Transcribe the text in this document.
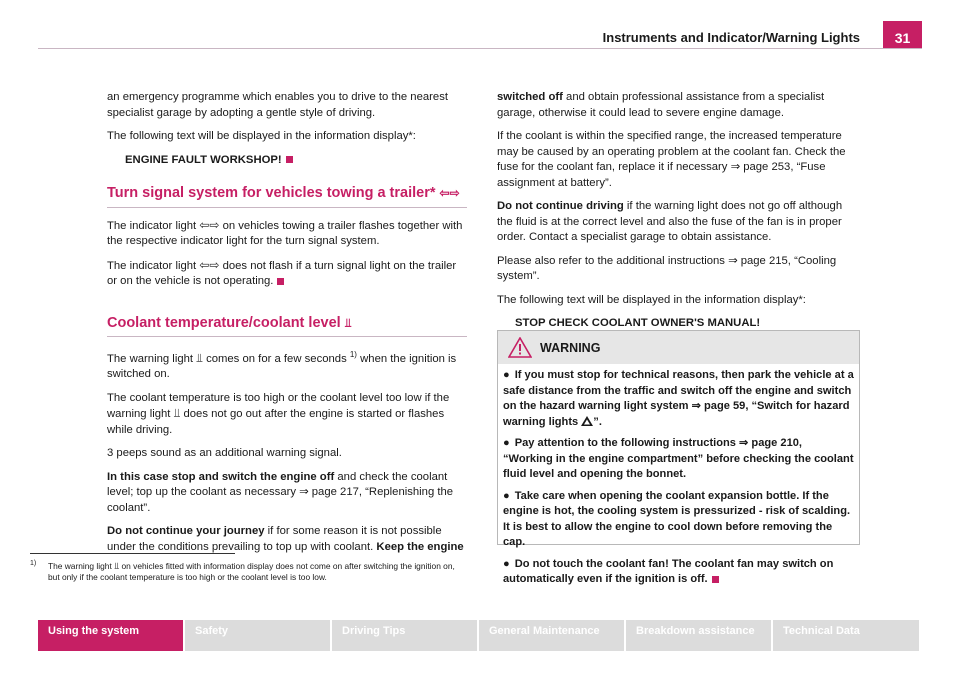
Instruments and Indicator/Warning Lights	31

an emergency programme which enables you to drive to the nearest specialist garage by adopting a gentle style of driving.

The following text will be displayed in the information display*:

ENGINE FAULT WORKSHOP!

Turn signal system for vehicles towing a trailer* ⇦⇨

The indicator light ⇦⇨ on vehicles towing a trailer flashes together with the respective indicator light for the turn signal system.

The indicator light ⇦⇨ does not flash if a turn signal light on the trailer or on the vehicle is not operating.

Coolant temperature/coolant level ⫫

The warning light ⫫ comes on for a few seconds $^{1)}$ when the ignition is switched on.

The coolant temperature is too high or the coolant level too low if the warning light ⫫ does not go out after the engine is started or flashes while driving.

3 peeps sound as an additional warning signal.

In this case stop and switch the engine off and check the coolant level; top up the coolant as necessary ⇒ page 217, “Replenishing the coolant”.

Do not continue your journey if for some reason it is not possible under the conditions prevailing to top up with coolant. Keep the engine

1)	The warning light ⫫ on vehicles fitted with information display does not come on after switching the ignition on, but only if the coolant temperature is too high or the coolant level is too low.

switched off and obtain professional assistance from a specialist garage, otherwise it could lead to severe engine damage.

If the coolant is within the specified range, the increased temperature may be caused by an operating problem at the coolant fan. Check the fuse for the coolant fan, replace it if necessary ⇒ page 253, “Fuse assignment at battery”.

Do not continue driving if the warning light does not go off although the fluid is at the correct level and also the fuse of the fan is in proper order. Contact a specialist garage to obtain assistance.

Please also refer to the additional instructions ⇒ page 215, “Cooling system”.

The following text will be displayed in the information display*:

STOP CHECK COOLANT OWNER'S MANUAL!

WARNING

● If you must stop for technical reasons, then park the vehicle at a safe distance from the traffic and switch off the engine and switch on the hazard warning light system ⇒ page 59, “Switch for hazard warning lights ”.

● Pay attention to the following instructions ⇒ page 210, “Working in the engine compartment” before checking the coolant fluid level and opening the bonnet.

● Take care when opening the coolant expansion bottle. If the engine is hot, the cooling system is pressurized - risk of scalding. It is best to allow the engine to cool down before removing the cap.

● Do not touch the coolant fan! The coolant fan may switch on automatically even if the ignition is off.

Using the system	Safety	Driving Tips	General Maintenance	Breakdown assistance	Technical Data
